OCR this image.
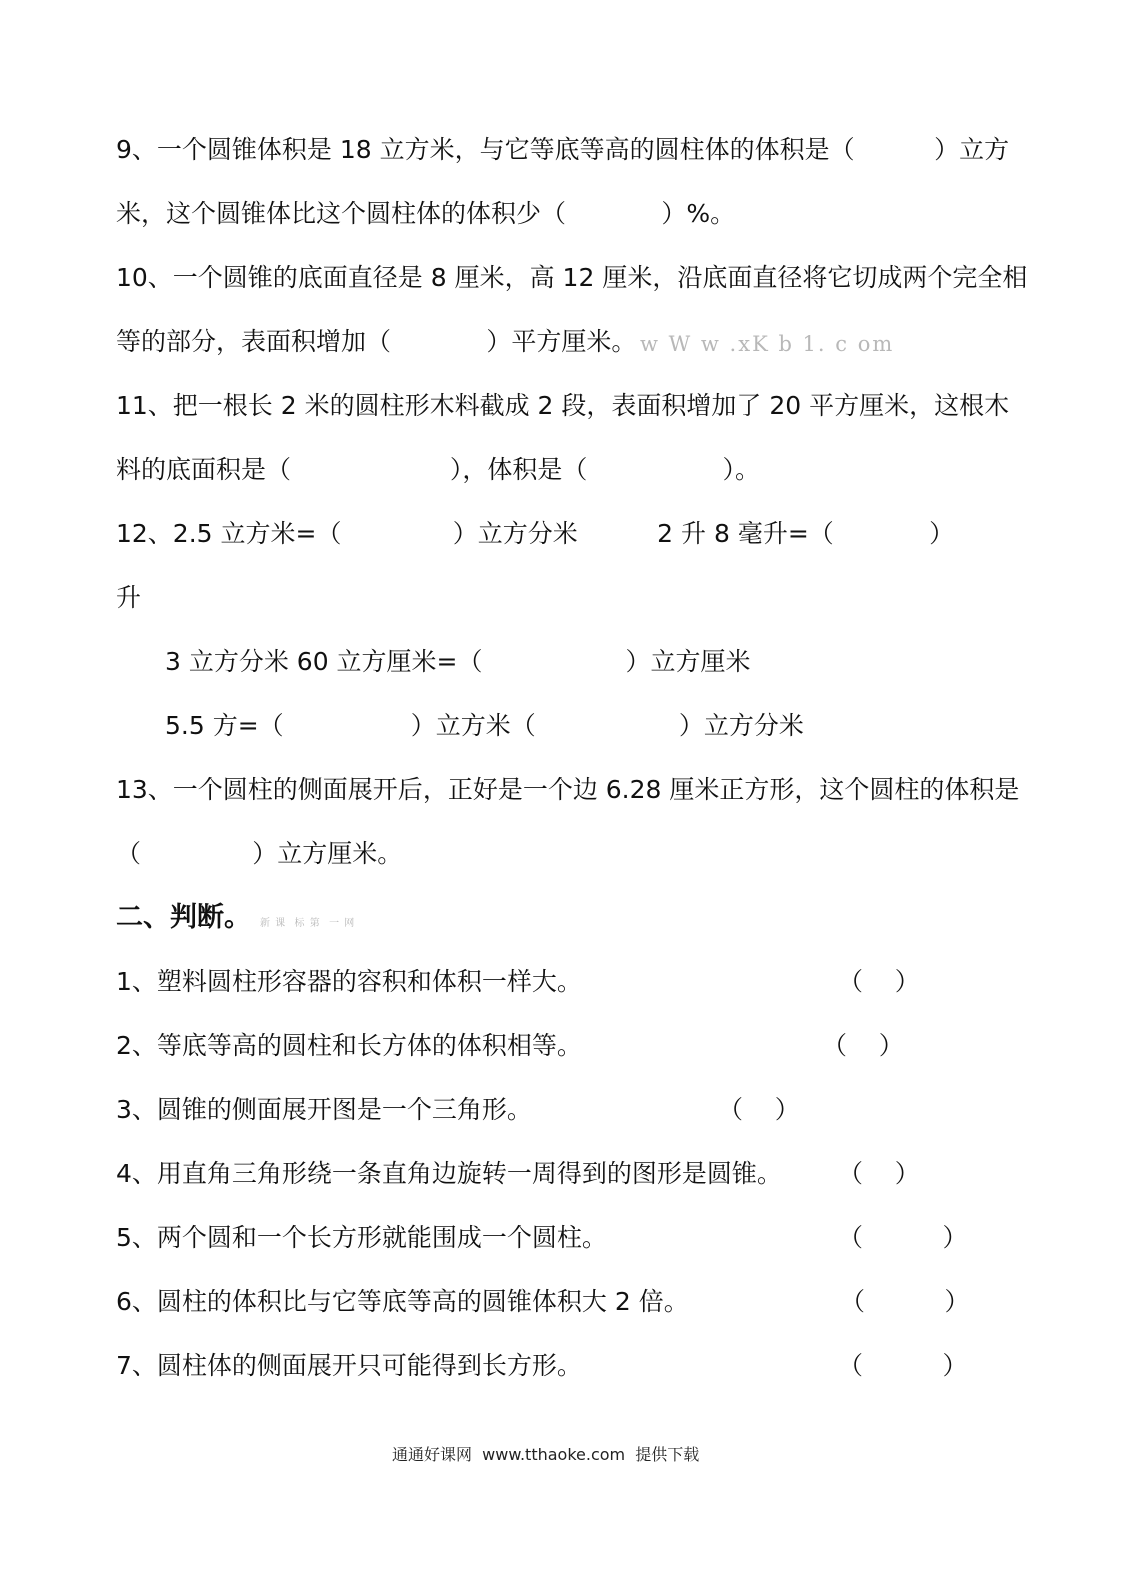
9、一个圆锥体积是 18 立方米，与它等底等高的圆柱体的体积是（          ）立方
米，这个圆锥体比这个圆柱体的体积少（            ）%。
10、一个圆锥的底面直径是 8 厘米，高 12 厘米，沿底面直径将它切成两个完全相
等的部分，表面积增加（            ）平方厘米。 w W w .xK b 1. c om
11、把一根长 2 米的圆柱形木料截成 2 段，表面积增加了 20 平方厘米，这根木
料的底面积是（                    ），体积是（                 ）。
12、2.5 立方米=（              ）立方分米          2 升 8 毫升=（            ）
升
3 立方分米 60 立方厘米=（                  ）立方厘米
5.5 方=（                ）立方米（                  ）立方分米
13、一个圆柱的侧面展开后，正好是一个边 6.28 厘米正方形，这个圆柱的体积是
（              ）立方厘米。
二、判断。 新 课  标 第  一 网
1、塑料圆柱形容器的容积和体积一样大。	（    ）
2、等底等高的圆柱和长方体的体积相等。	（    ）
3、圆锥的侧面展开图是一个三角形。	（    ）
4、用直角三角形绕一条直角边旋转一周得到的图形是圆锥。 （    ）
5、两个圆和一个长方形就能围成一个圆柱。	（          ）
6、圆柱的体积比与它等底等高的圆锥体积大 2 倍。	（          ）
7、圆柱体的侧面展开只可能得到长方形。	（          ）
通通好课网  www.tthaoke.com  提供下载
